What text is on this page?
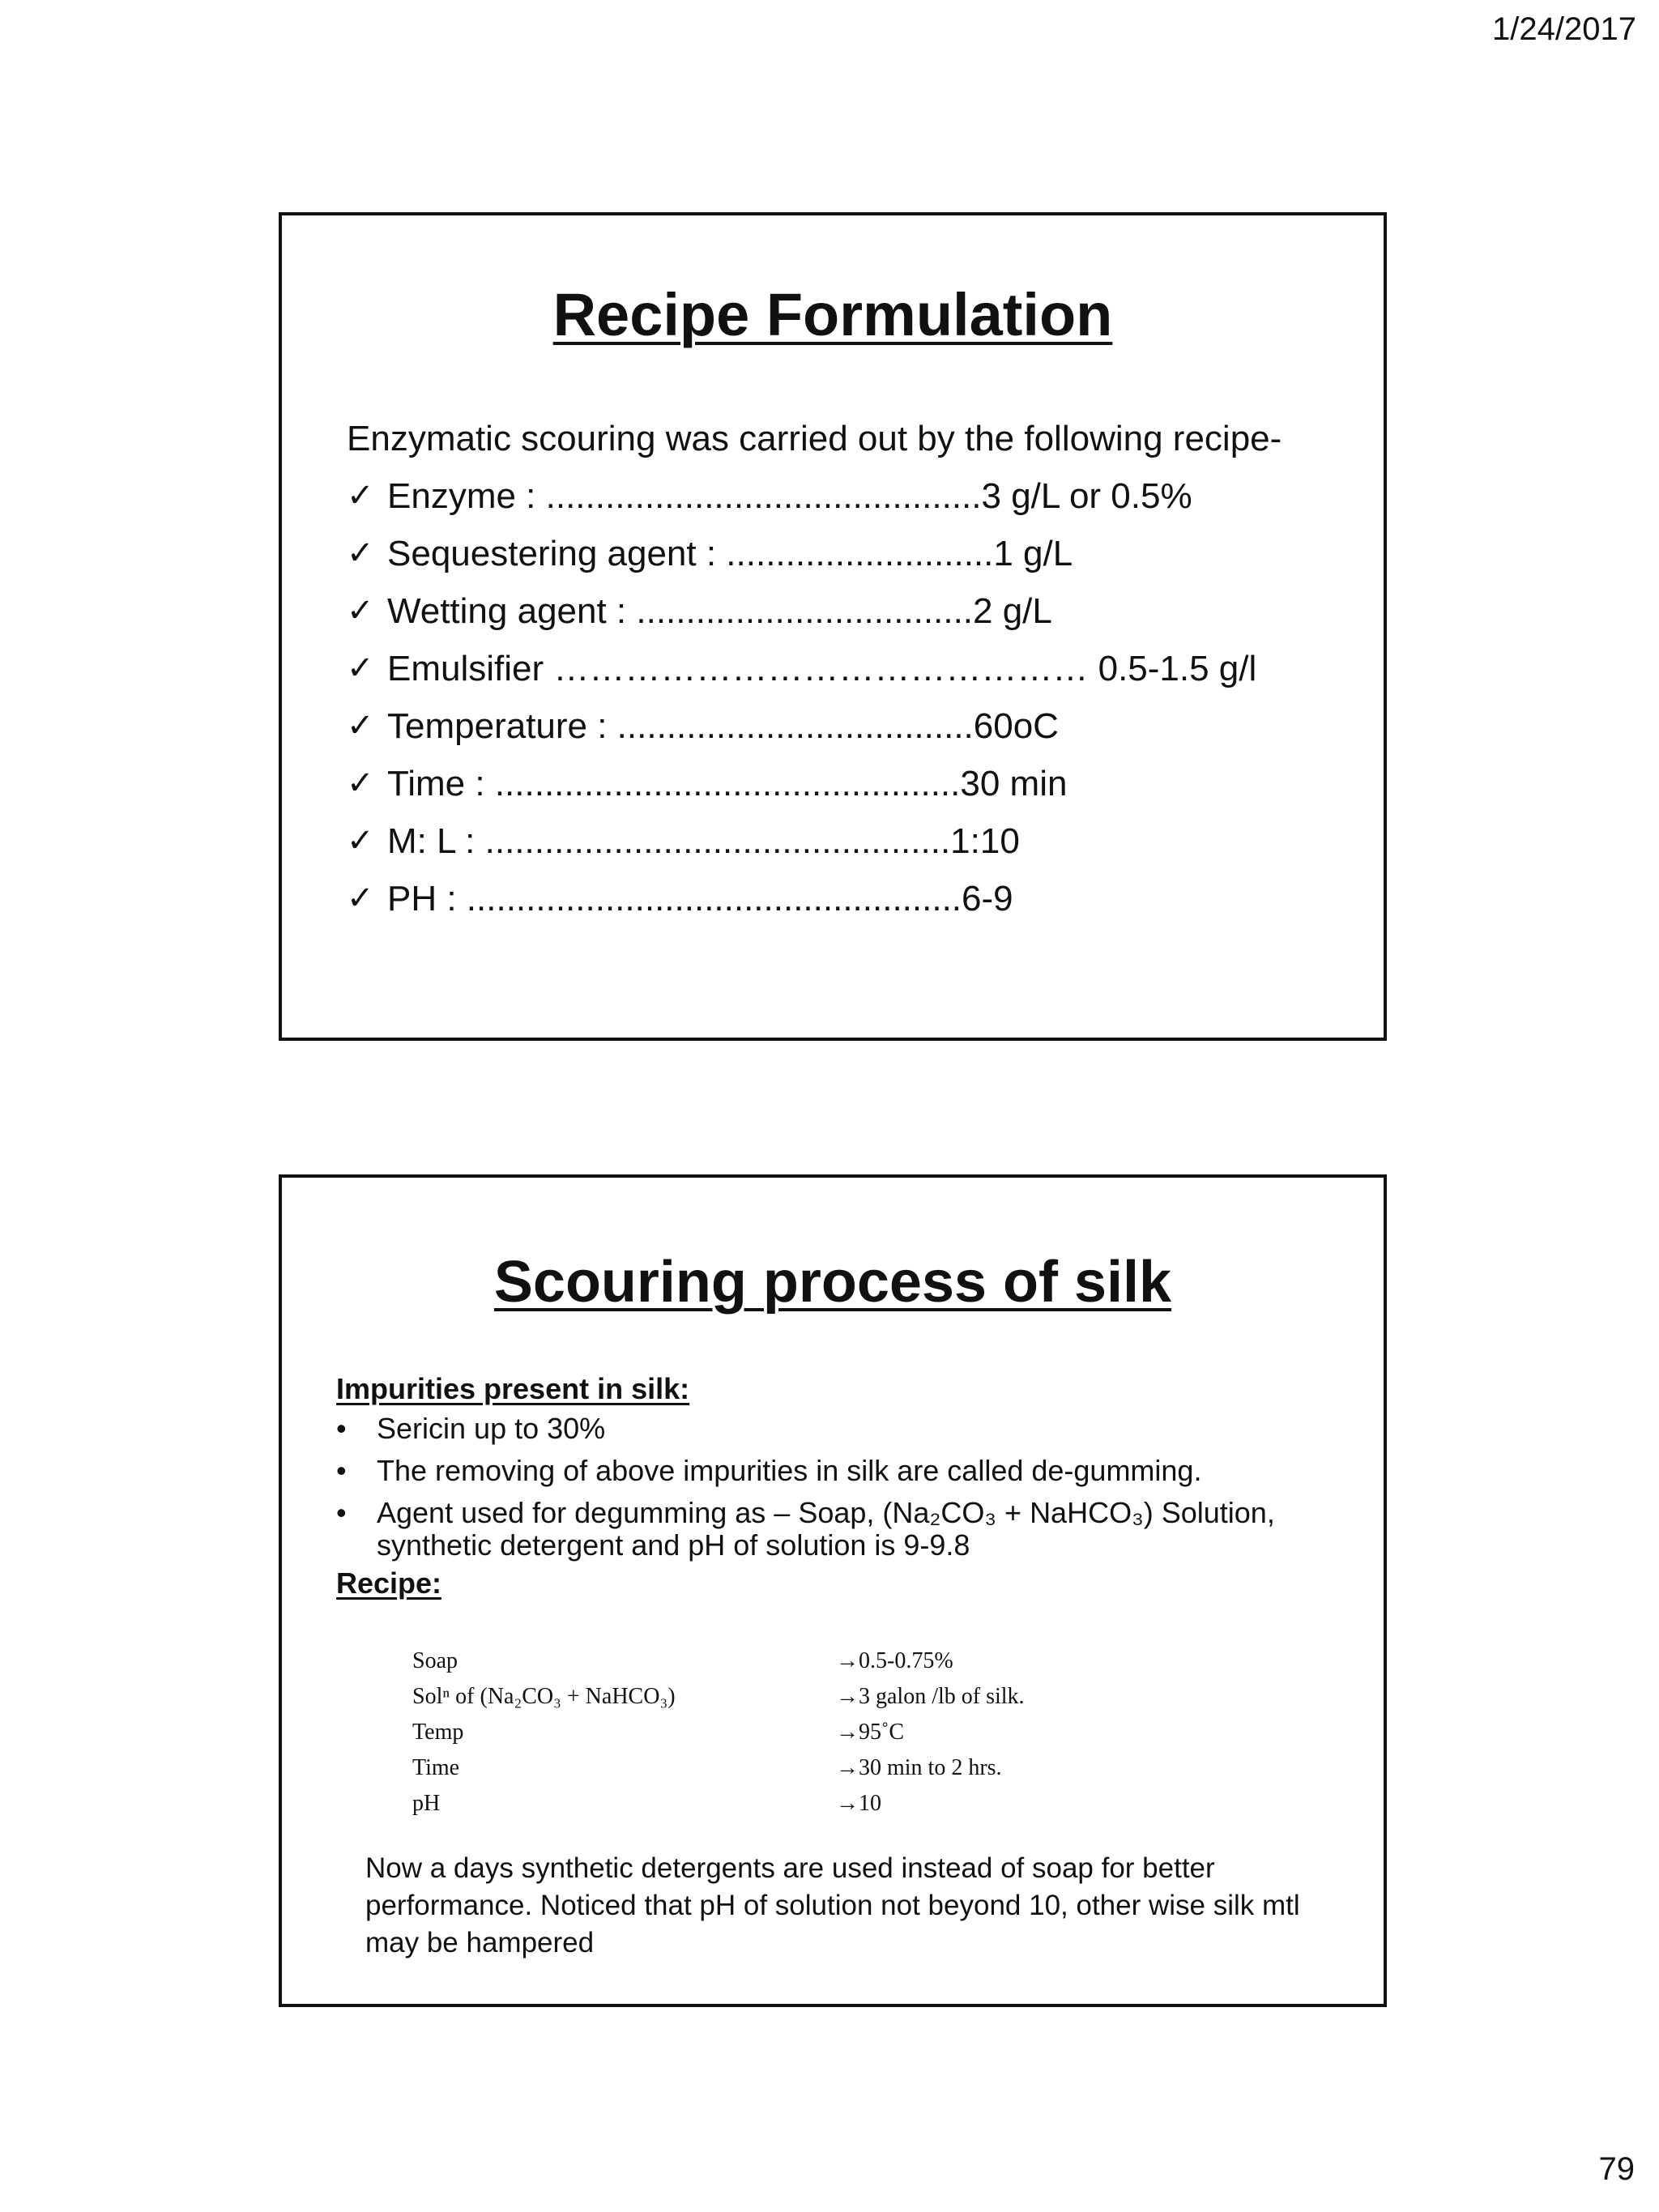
1/24/2017
Recipe Formulation
Enzymatic scouring was carried out by the following recipe-
✓ Enzyme : ............................................3 g/L or 0.5%
✓ Sequestering agent : ...........................1 g/L
✓ Wetting agent : ..................................2 g/L
✓ Emulsifier ……………………………………… 0.5-1.5 g/l
✓ Temperature : ....................................60oC
✓ Time : ...............................................30 min
✓ M: L : ...............................................1:10
✓ PH : ..................................................6-9
Scouring process of silk
Impurities present in silk:
•	Sericin up to 30%
•	The removing of above impurities in silk are called de-gumming.
•	Agent used for degumming as – Soap, (Na₂CO₃ + NaHCO₃) Solution, synthetic detergent and pH of solution is 9-9.8
Recipe:
Soap	→0.5-0.75%
Solⁿ of (Na₂CO₃ + NaHCO₃)	→3 galon /lb of silk.
Temp	→95˚C
Time	→30 min to 2 hrs.
pH	→10
Now a days synthetic detergents are used instead of soap for better performance. Noticed that pH of solution not beyond 10, other wise silk mtl may be hampered
79
